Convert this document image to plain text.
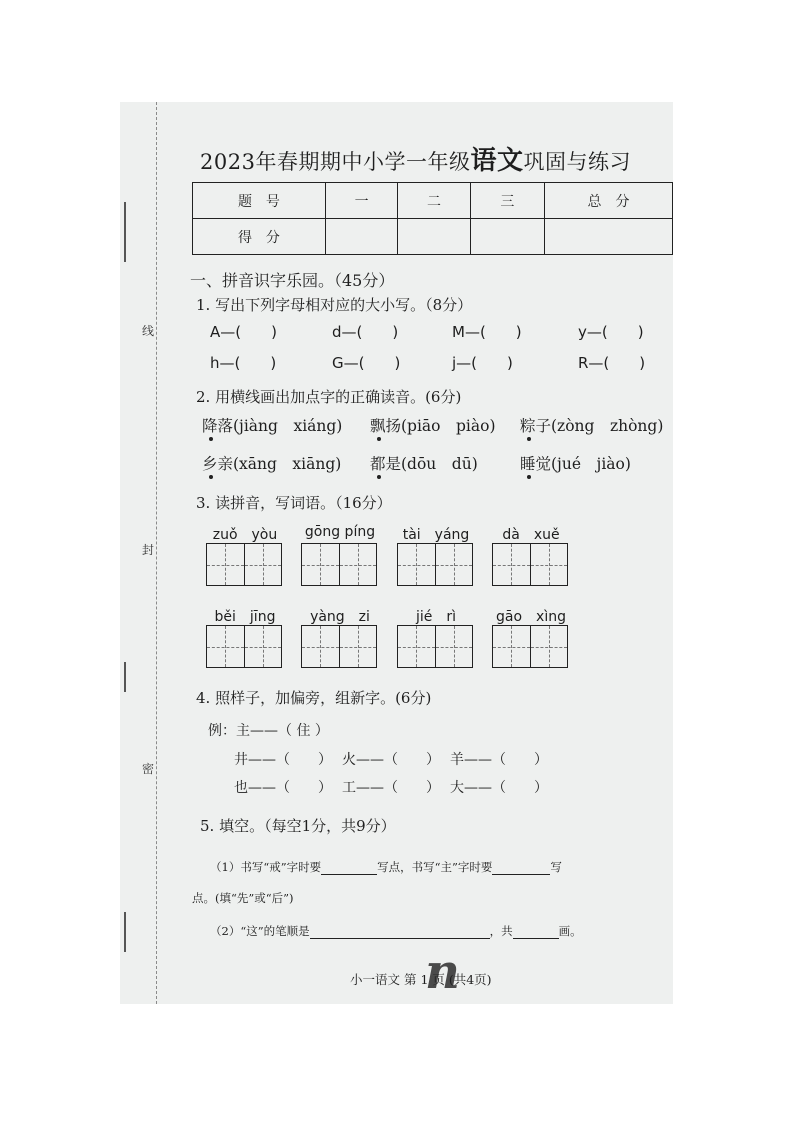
线
封
密
2023年春期期中小学一年级语文巩固与练习
题　号	一	二	三	总　分
得　分				
一、拼音识字乐园。（45分）
1. 写出下列字母相对应的大小写。（8分）
A—(　　)	d—(　　)	M—(　　)	y—(　　)
h—(　　)	G—(　　)	j—(　　)	R—(　　)
2. 用横线画出加点字的正确读音。(6分)
降落(jiàng　xiáng) 飘扬(piāo　piào) 粽子(zòng　zhòng)
乡亲(xāng　xiāng) 都是(dōu　dū)	睡觉(jué　jiào)
3. 读拼音，写词语。（16分）
zuǒ　yòu	gōng píng	tài　yáng	dà　xuě
běi　jīng	yàng　zi	jié　rì	gāo　xìng
4. 照样子，加偏旁，组新字。(6分)
例：主——（ 住 ）
井——（　　） 火——（　　） 羊——（　　）
也——（　　） 工——（　　） 大——（　　）
5. 填空。（每空1分，共9分）
（1）书写“戒”字时要	写点，书写“主”字时要	写
点。(填“先”或“后”)
（2）“这”的笔顺是	，共	画。
n
小一语文 第 1 页 (共4页)
